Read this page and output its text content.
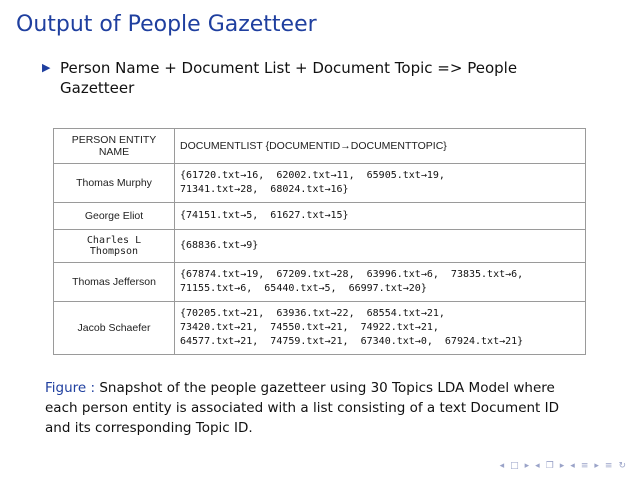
Output of People Gazetteer
▶ Person Name + Document List + Document Topic => People Gazetteer
PERSON ENTITY NAME	DOCUMENTLIST {DOCUMENTID→DOCUMENTTOPIC}
Thomas Murphy	{61720.txt→16,  62002.txt→11,  65905.txt→19,
71341.txt→28,  68024.txt→16}
George Eliot	{74151.txt→5,  61627.txt→15}
Charles L
Thompson	{68836.txt→9}
Thomas Jefferson	{67874.txt→19,  67209.txt→28,  63996.txt→6,  73835.txt→6,
71155.txt→6,  65440.txt→5,  66997.txt→20}
Jacob Schaefer	{70205.txt→21,  63936.txt→22,  68554.txt→21,
73420.txt→21,  74550.txt→21,  74922.txt→21,
64577.txt→21,  74759.txt→21,  67340.txt→0,  67924.txt→21}
Figure : Snapshot of the people gazetteer using 30 Topics LDA Model where each person entity is associated with a list consisting of a text Document ID and its corresponding Topic ID.
◂ □ ▸ ◂ ❐ ▸ ◂ ≡ ▸ ≡ ↻
